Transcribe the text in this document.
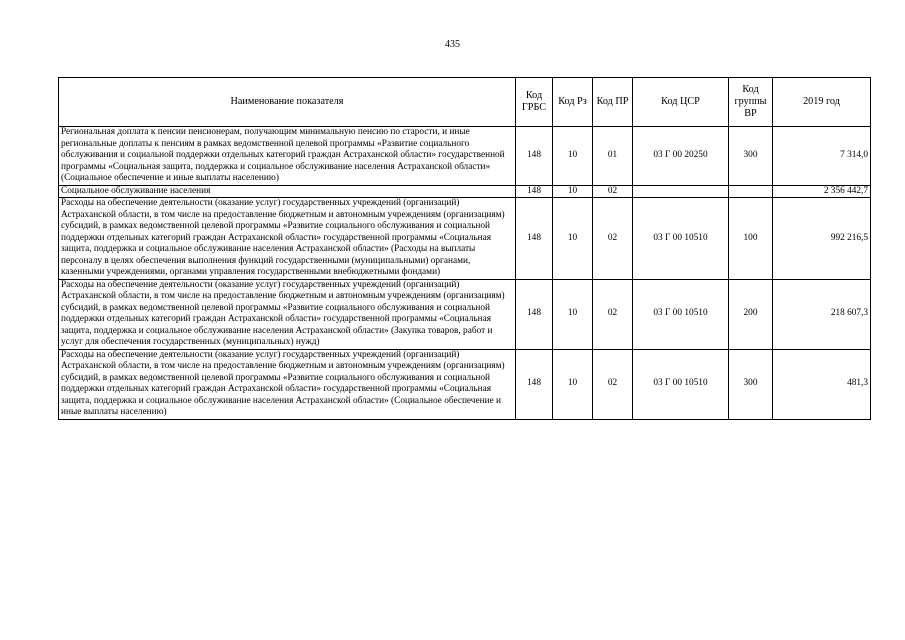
435
Наименование показателя	Код ГРБС	Код Рз	Код ПР	Код ЦСР	Код группы ВР	2019 год
Региональная доплата к пенсии пенсионерам, получающим минимальную пенсию по старости, и иные региональные доплаты к пенсиям в рамках ведомственной целевой программы «Развитие социального обслуживания и социальной поддержки отдельных категорий граждан Астраханской области» государственной программы «Социальная защита, поддержка и социальное обслуживание населения Астраханской области» (Социальное обеспечение и иные выплаты населению)	148	10	01	03 Г 00 20250	300	7 314,0
Социальное обслуживание населения	148	10	02			2 356 442,7
Расходы на обеспечение деятельности (оказание услуг) государственных учреждений (организаций) Астраханской области, в том числе на предоставление бюджетным и автономным учреждениям (организациям) субсидий, в рамках ведомственной целевой программы «Развитие социального обслуживания и социальной поддержки отдельных категорий граждан Астраханской области» государственной программы «Социальная защита, поддержка и социальное обслуживание населения Астраханской области» (Расходы на выплаты персоналу в целях обеспечения выполнения функций государственными (муниципальными) органами, казенными учреждениями, органами управления государственными внебюджетными фондами)	148	10	02	03 Г 00 10510	100	992 216,5
Расходы на обеспечение деятельности (оказание услуг) государственных учреждений (организаций) Астраханской области, в том числе на предоставление бюджетным и автономным учреждениям (организациям) субсидий, в рамках ведомственной целевой программы «Развитие социального обслуживания и социальной поддержки отдельных категорий граждан Астраханской области» государственной программы «Социальная защита, поддержка и социальное обслуживание населения Астраханской области» (Закупка товаров, работ и услуг для обеспечения государственных (муниципальных) нужд)	148	10	02	03 Г 00 10510	200	218 607,3
Расходы на обеспечение деятельности (оказание услуг) государственных учреждений (организаций) Астраханской области, в том числе на предоставление бюджетным и автономным учреждениям (организациям) субсидий, в рамках ведомственной целевой программы «Развитие социального обслуживания и социальной поддержки отдельных категорий граждан Астраханской области» государственной программы «Социальная защита, поддержка и социальное обслуживание населения Астраханской области» (Социальное обеспечение и иные выплаты населению)	148	10	02	03 Г 00 10510	300	481,3
